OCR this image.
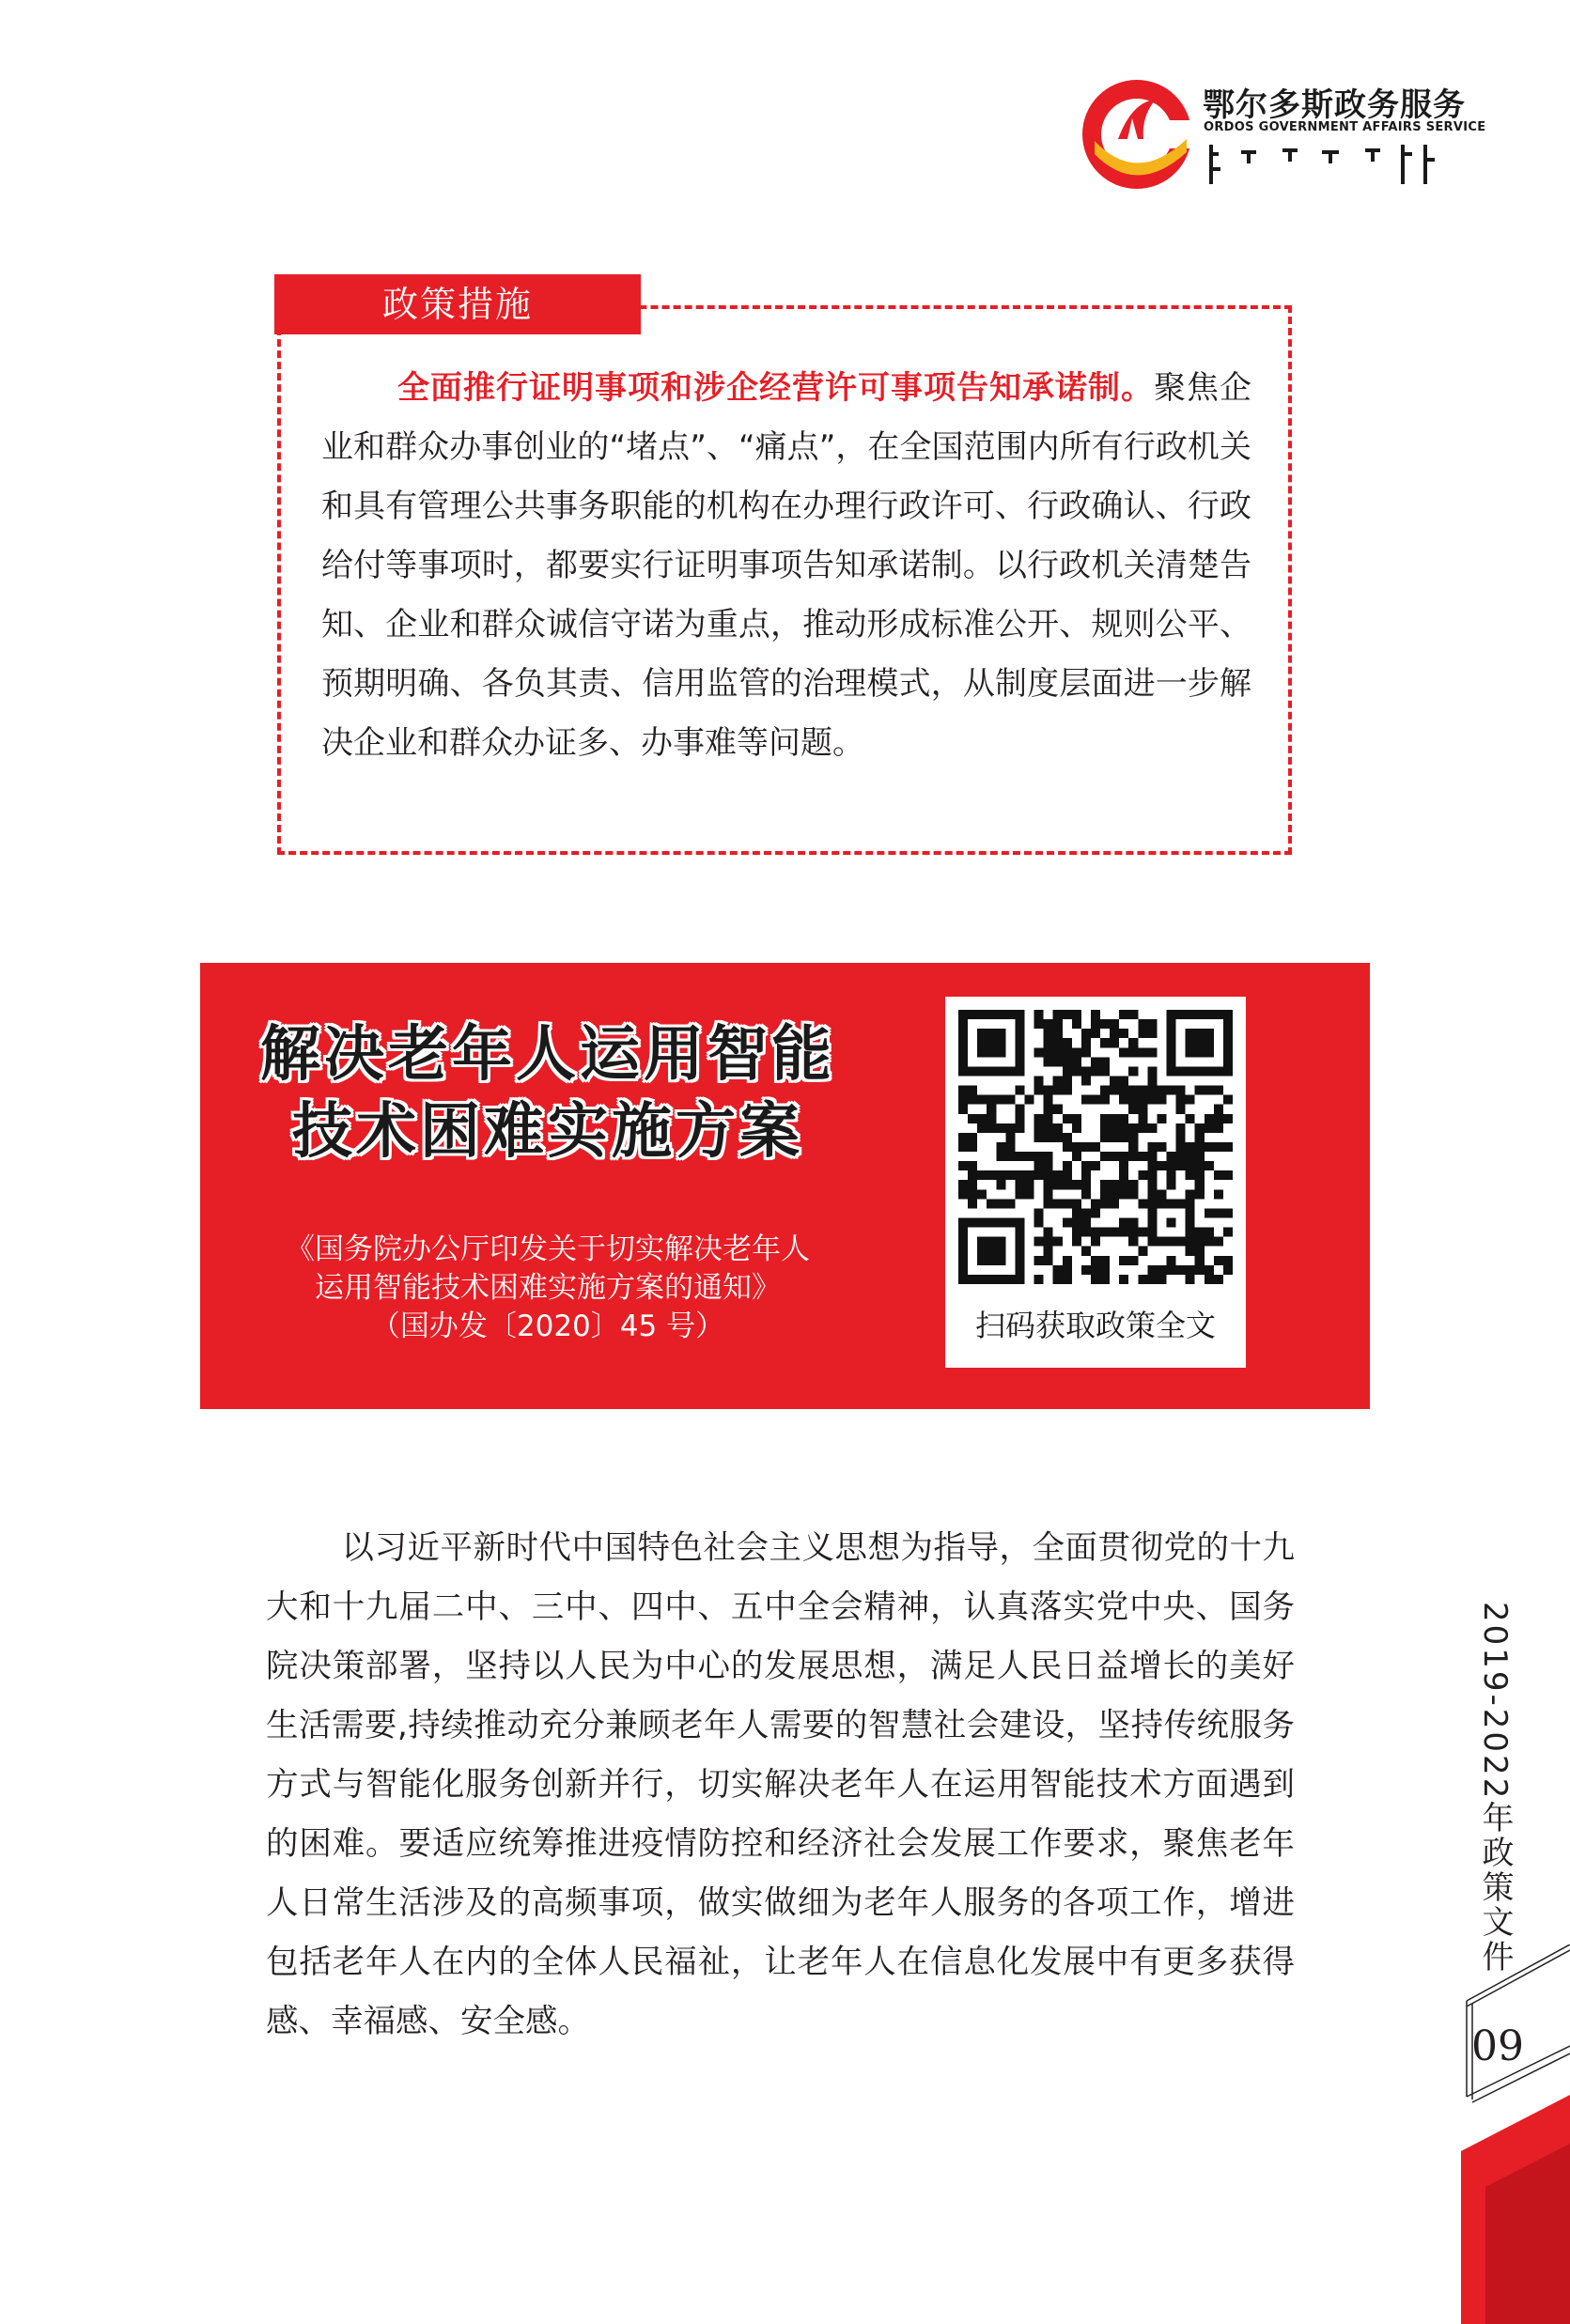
鄂尔多斯政务服务
ORDOS GOVERNMENT AFFAIRS SERVICE
政策措施
全面推行证明事项和涉企经营许可事项告知承诺制。聚焦企业和群众办事创业的“堵点”、“痛点”，在全国范围内所有行政机关和具有管理公共事务职能的机构在办理行政许可、行政确认、行政给付等事项时，都要实行证明事项告知承诺制。以行政机关清楚告知、企业和群众诚信守诺为重点，推动形成标准公开、规则公平、预期明确、各负其责、信用监管的治理模式，从制度层面进一步解决企业和群众办证多、办事难等问题。
解决老年人运用智能
技术困难实施方案
《国务院办公厅印发关于切实解决老年人
运用智能技术困难实施方案的通知》
（国办发〔2020〕45 号）	扫码获取政策全文
以习近平新时代中国特色社会主义思想为指导，全面贯彻党的十九大和十九届二中、三中、四中、五中全会精神，认真落实党中央、国务院决策部署，坚持以人民为中心的发展思想，满足人民日益增长的美好生活需要,持续推动充分兼顾老年人需要的智慧社会建设，坚持传统服务方式与智能化服务创新并行，切实解决老年人在运用智能技术方面遇到的困难。要适应统筹推进疫情防控和经济社会发展工作要求，聚焦老年人日常生活涉及的高频事项，做实做细为老年人服务的各项工作，增进包括老年人在内的全体人民福祉，让老年人在信息化发展中有更多获得感、幸福感、安全感。
2019-2022年政策文件
09
